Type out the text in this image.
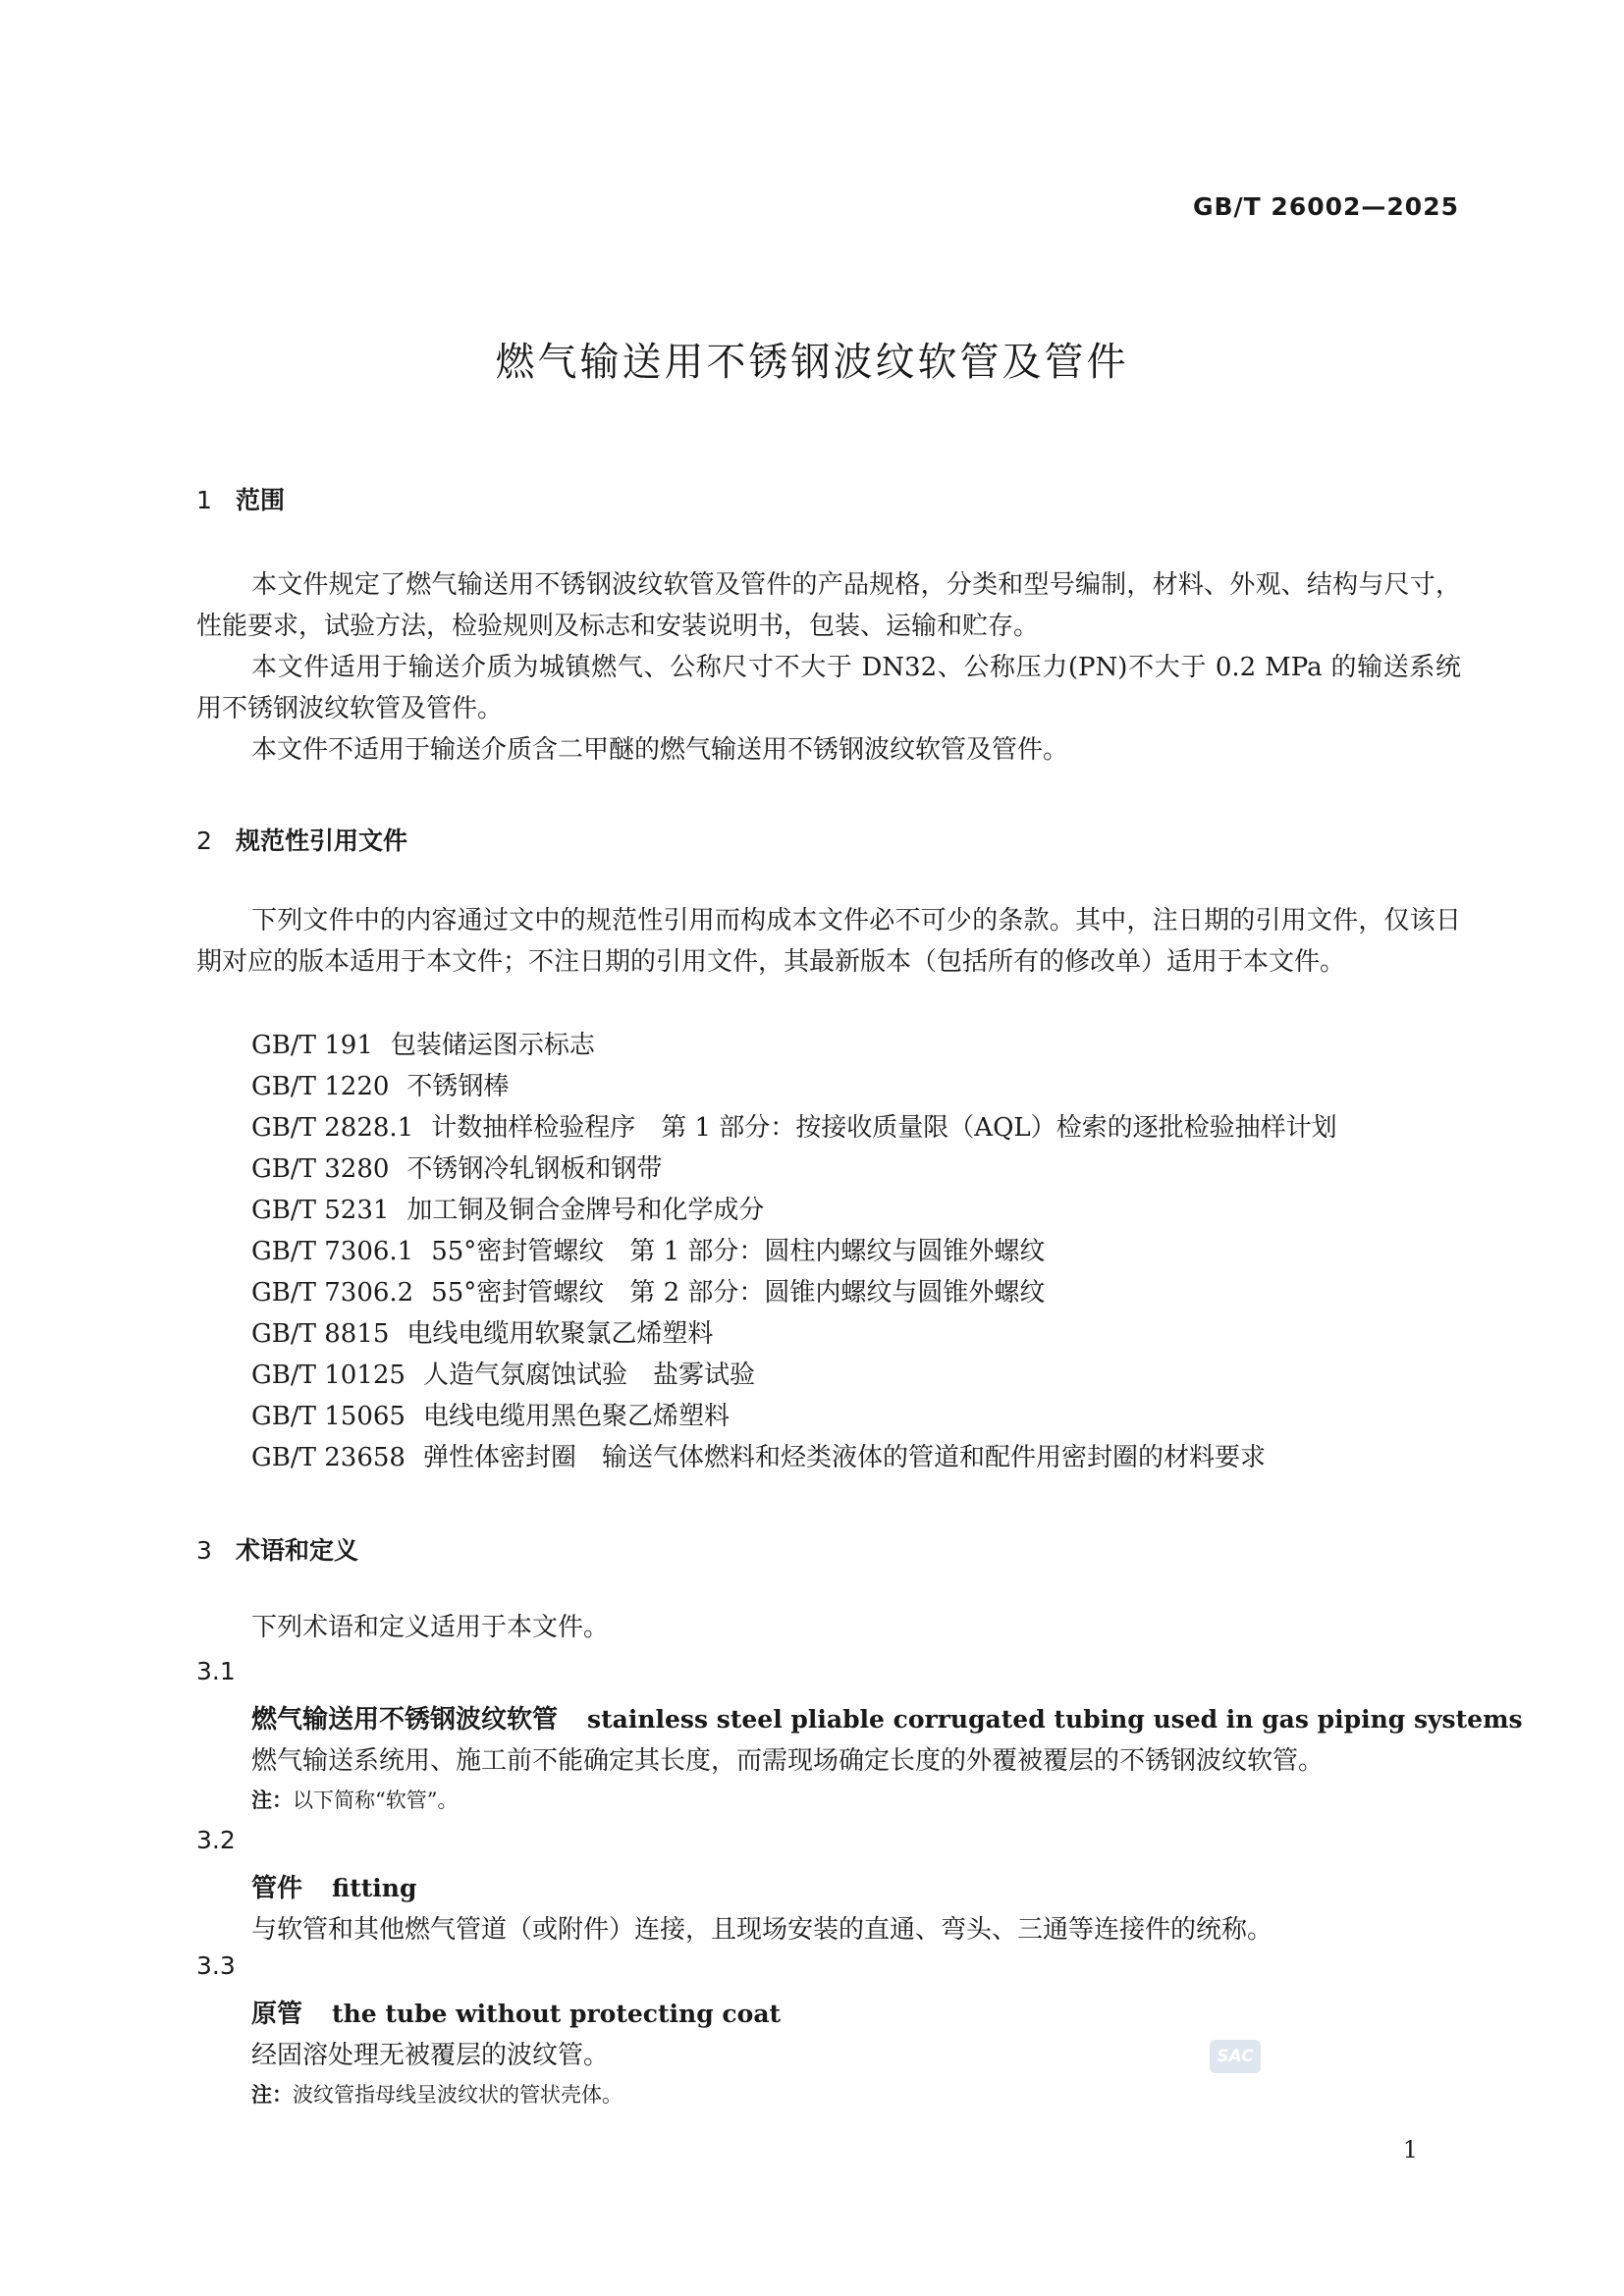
GB/T 26002—2025
燃气输送用不锈钢波纹软管及管件
1 范围
本文件规定了燃气输送用不锈钢波纹软管及管件的产品规格，分类和型号编制，材料、外观、结构与尺寸，性能要求，试验方法，检验规则及标志和安装说明书，包装、运输和贮存。
本文件适用于输送介质为城镇燃气、公称尺寸不大于 DN32、公称压力(PN)不大于 0.2 MPa 的输送系统用不锈钢波纹软管及管件。
本文件不适用于输送介质含二甲醚的燃气输送用不锈钢波纹软管及管件。
2 规范性引用文件
下列文件中的内容通过文中的规范性引用而构成本文件必不可少的条款。其中，注日期的引用文件，仅该日期对应的版本适用于本文件；不注日期的引用文件，其最新版本（包括所有的修改单）适用于本文件。
GB/T 191 包装储运图示标志
GB/T 1220 不锈钢棒
GB/T 2828.1 计数抽样检验程序　第 1 部分：按接收质量限（AQL）检索的逐批检验抽样计划
GB/T 3280 不锈钢冷轧钢板和钢带
GB/T 5231 加工铜及铜合金牌号和化学成分
GB/T 7306.1 55°密封管螺纹　第 1 部分：圆柱内螺纹与圆锥外螺纹
GB/T 7306.2 55°密封管螺纹　第 2 部分：圆锥内螺纹与圆锥外螺纹
GB/T 8815 电线电缆用软聚氯乙烯塑料
GB/T 10125 人造气氛腐蚀试验　盐雾试验
GB/T 15065 电线电缆用黑色聚乙烯塑料
GB/T 23658 弹性体密封圈　输送气体燃料和烃类液体的管道和配件用密封圈的材料要求
3 术语和定义
下列术语和定义适用于本文件。
3.1
燃气输送用不锈钢波纹软管 stainless steel pliable corrugated tubing used in gas piping systems
燃气输送系统用、施工前不能确定其长度，而需现场确定长度的外覆被覆层的不锈钢波纹软管。
注：以下简称“软管”。
3.2
管件 fitting
与软管和其他燃气管道（或附件）连接，且现场安装的直通、弯头、三通等连接件的统称。
3.3
原管 the tube without protecting coat
经固溶处理无被覆层的波纹管。
注：波纹管指母线呈波纹状的管状壳体。
SAC
1
